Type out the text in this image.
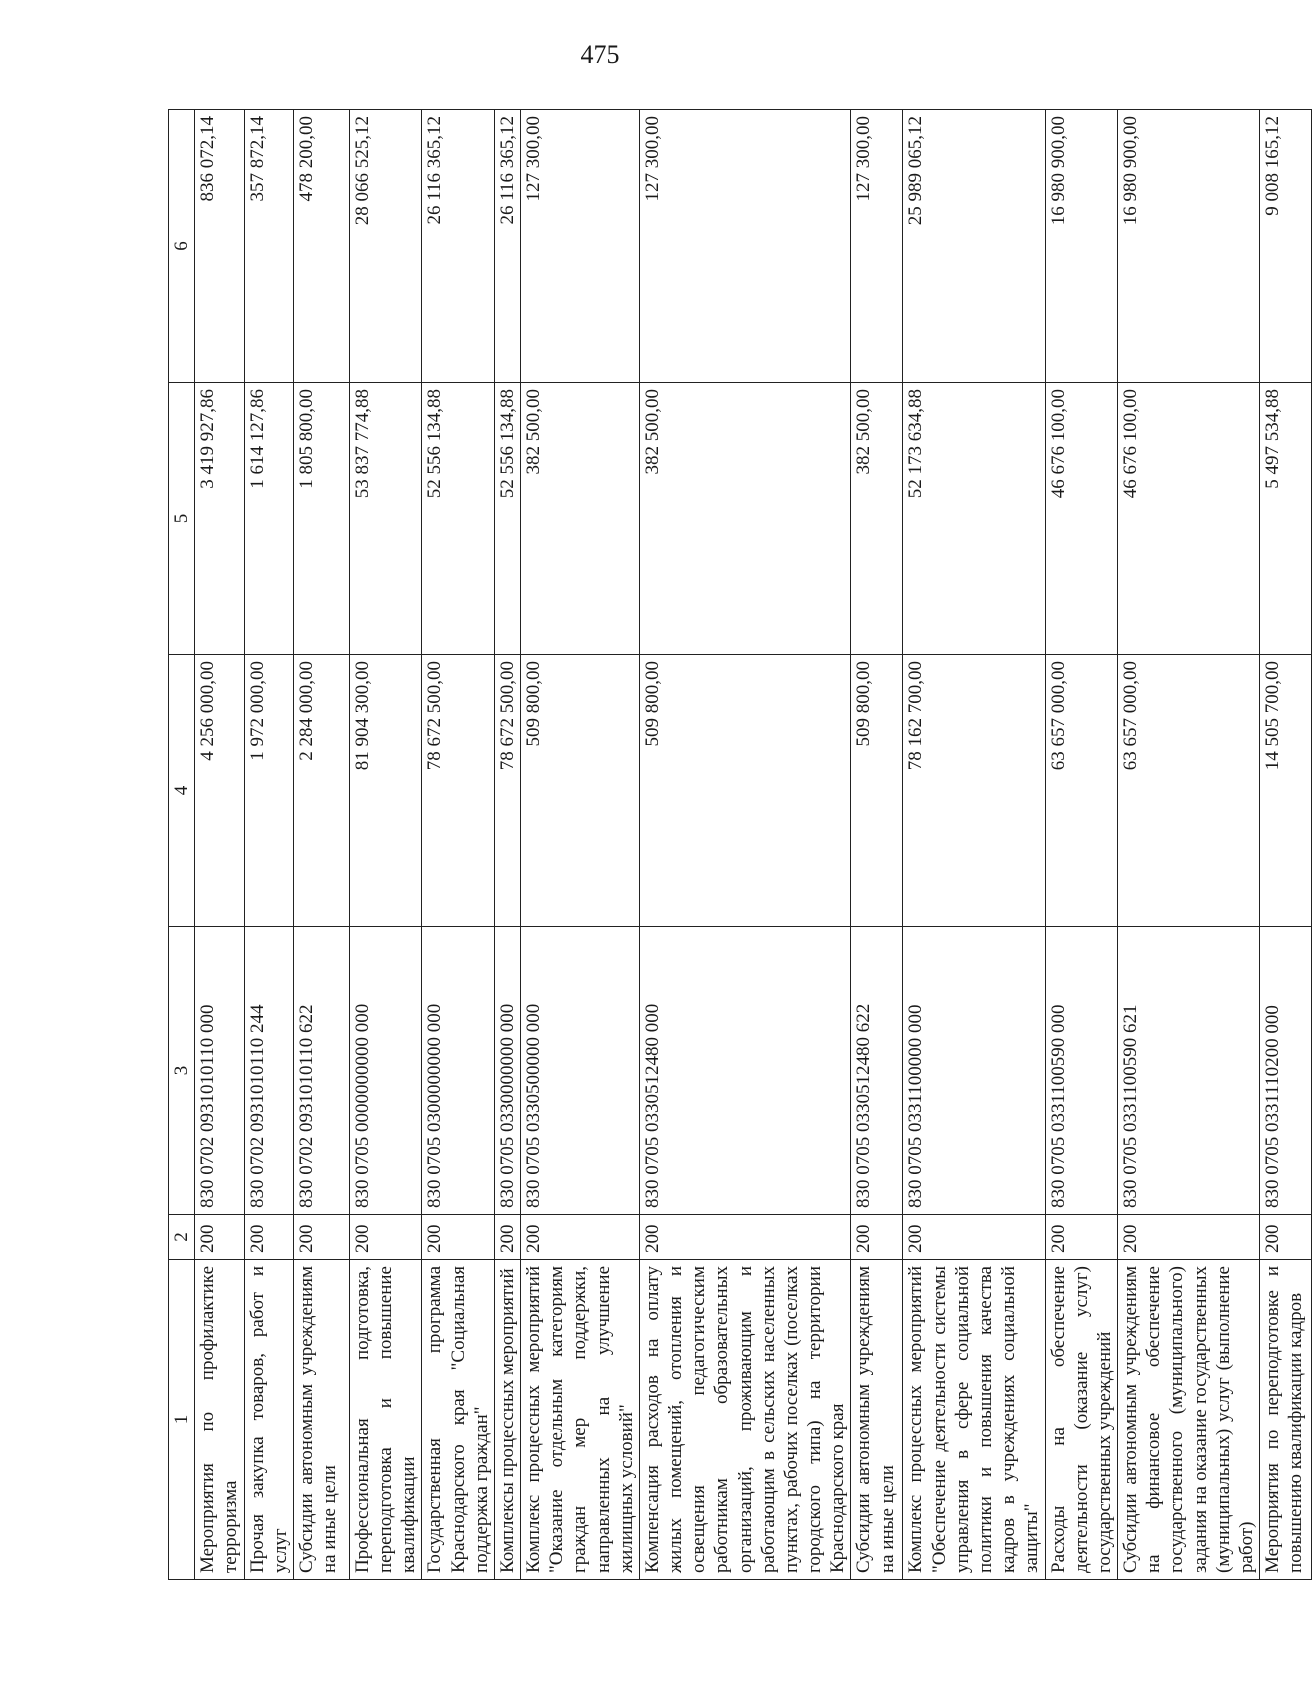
475
1	2	3	4	5	6
Мероприятия по профилактике терроризма	200	830 0702 0931010110 000	4 256 000,00	3 419 927,86	836 072,14
Прочая закупка товаров, работ и услуг	200	830 0702 0931010110 244	1 972 000,00	1 614 127,86	357 872,14
Субсидии автономным учреждениям на иные цели	200	830 0702 0931010110 622	2 284 000,00	1 805 800,00	478 200,00
Профессиональная подготовка, переподготовка и повышение квалификации	200	830 0705 0000000000 000	81 904 300,00	53 837 774,88	28 066 525,12
Государственная программа Краснодарского края "Социальная поддержка граждан"	200	830 0705 0300000000 000	78 672 500,00	52 556 134,88	26 116 365,12
Комплексы процессных мероприятий	200	830 0705 0330000000 000	78 672 500,00	52 556 134,88	26 116 365,12
Комплекс процессных мероприятий "Оказание отдельным категориям граждан мер поддержки, направленных на улучшение жилищных условий"	200	830 0705 0330500000 000	509 800,00	382 500,00	127 300,00
Компенсация расходов на оплату жилых помещений, отопления и освещения педагогическим работникам образовательных организаций, проживающим и работающим в сельских населенных пунктах, рабочих поселках (поселках городского типа) на территории Краснодарского края	200	830 0705 0330512480 000	509 800,00	382 500,00	127 300,00
Субсидии автономным учреждениям на иные цели	200	830 0705 0330512480 622	509 800,00	382 500,00	127 300,00
Комплекс процессных мероприятий "Обеспечение деятельности системы управления в сфере социальной политики и повышения качества кадров в учреждениях социальной защиты"	200	830 0705 0331100000 000	78 162 700,00	52 173 634,88	25 989 065,12
Расходы на обеспечение деятельности (оказание услуг) государственных учреждений	200	830 0705 0331100590 000	63 657 000,00	46 676 100,00	16 980 900,00
Субсидии автономным учреждениям на финансовое обеспечение государственного (муниципального) задания на оказание государственных (муниципальных) услуг (выполнение работ)	200	830 0705 0331100590 621	63 657 000,00	46 676 100,00	16 980 900,00
Мероприятия по переподготовке и повышению квалификации кадров	200	830 0705 0331110200 000	14 505 700,00	5 497 534,88	9 008 165,12
